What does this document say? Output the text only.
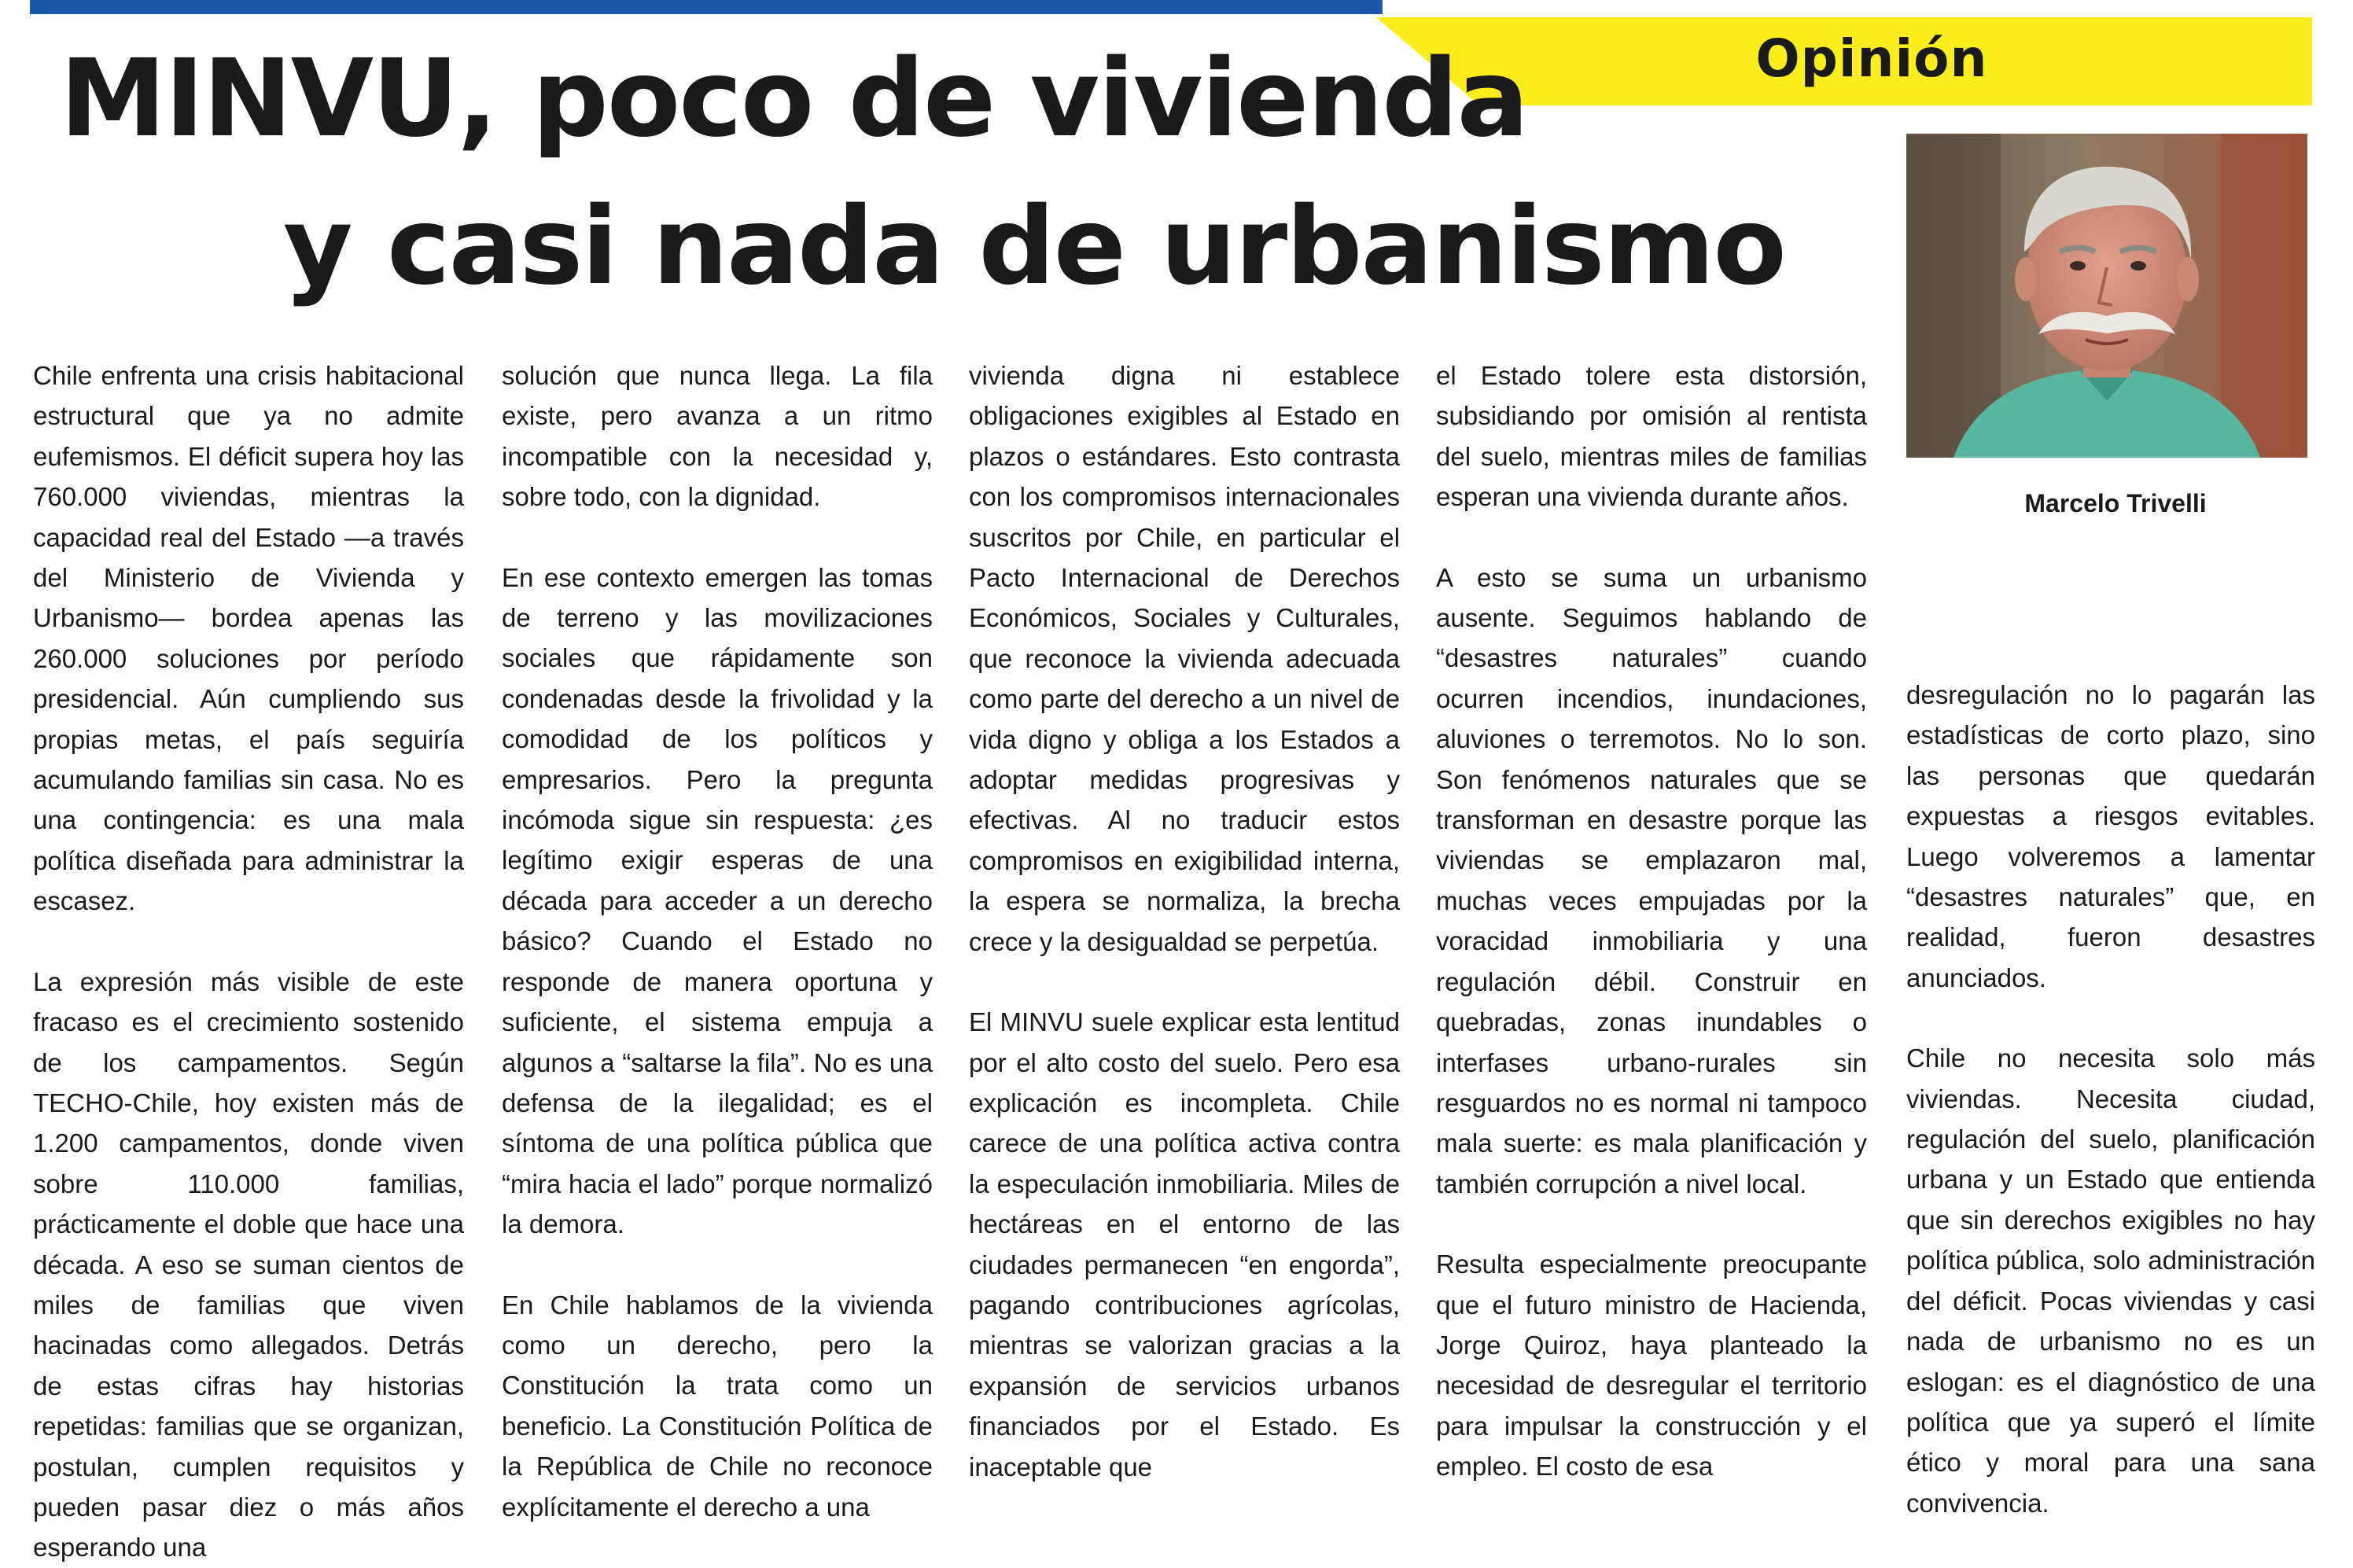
Opinión
MINVU, poco de vivienda
y casi nada de urbanismo
Marcelo Trivelli

Chile enfrenta una crisis habitacional estructural que ya no admite eufemismos. El déficit supera hoy las 760.000 viviendas, mientras la capacidad real del Estado —a través del Ministerio de Vivienda y Urbanismo— bordea apenas las 260.000 soluciones por período presidencial. Aún cumpliendo sus propias metas, el país seguiría acumulando familias sin casa. No es una contingencia: es una mala política diseñada para administrar la escasez.

La expresión más visible de este fracaso es el crecimiento sostenido de los campamentos. Según TECHO-Chile, hoy existen más de 1.200 campamentos, donde viven sobre 110.000 familias, prácticamente el doble que hace una década. A eso se suman cientos de miles de familias que viven hacinadas como allegados. Detrás de estas cifras hay historias repetidas: familias que se organizan, postulan, cumplen requisitos y pueden pasar diez o más años esperando una

solución que nunca llega. La fila existe, pero avanza a un ritmo incompatible con la necesidad y, sobre todo, con la dignidad.

En ese contexto emergen las tomas de terreno y las movilizaciones sociales que rápidamente son condenadas desde la frivolidad y la comodidad de los políticos y empresarios. Pero la pregunta incómoda sigue sin respuesta: ¿es legítimo exigir esperas de una década para acceder a un derecho básico? Cuando el Estado no responde de manera oportuna y suficiente, el sistema empuja a algunos a “saltarse la fila”. No es una defensa de la ilegalidad; es el síntoma de una política pública que “mira hacia el lado” porque normalizó la demora.

En Chile hablamos de la vivienda como un derecho, pero la Constitución la trata como un beneficio. La Constitución Política de la República de Chile no reconoce explícitamente el derecho a una

vivienda digna ni establece obligaciones exigibles al Estado en plazos o estándares. Esto contrasta con los compromisos internacionales suscritos por Chile, en particular el Pacto Internacional de Derechos Económicos, Sociales y Culturales, que reconoce la vivienda adecuada como parte del derecho a un nivel de vida digno y obliga a los Estados a adoptar medidas progresivas y efectivas. Al no traducir estos compromisos en exigibilidad interna, la espera se normaliza, la brecha crece y la desigualdad se perpetúa.

El MINVU suele explicar esta lentitud por el alto costo del suelo. Pero esa explicación es incompleta. Chile carece de una política activa contra la especulación inmobiliaria. Miles de hectáreas en el entorno de las ciudades permanecen “en engorda”, pagando contribuciones agrícolas, mientras se valorizan gracias a la expansión de servicios urbanos financiados por el Estado. Es inaceptable que

el Estado tolere esta distorsión, subsidiando por omisión al rentista del suelo, mientras miles de familias esperan una vivienda durante años.

A esto se suma un urbanismo ausente. Seguimos hablando de “desastres naturales” cuando ocurren incendios, inundaciones, aluviones o terremotos. No lo son. Son fenómenos naturales que se transforman en desastre porque las viviendas se emplazaron mal, muchas veces empujadas por la voracidad inmobiliaria y una regulación débil. Construir en quebradas, zonas inundables o interfases urbano-rurales sin resguardos no es normal ni tampoco mala suerte: es mala planificación y también corrupción a nivel local.

Resulta especialmente preocupante que el futuro ministro de Hacienda, Jorge Quiroz, haya planteado la necesidad de desregular el territorio para impulsar la construcción y el empleo. El costo de esa

desregulación no lo pagarán las estadísticas de corto plazo, sino las personas que quedarán expuestas a riesgos evitables. Luego volveremos a lamentar “desastres naturales” que, en realidad, fueron desastres anunciados.

Chile no necesita solo más viviendas. Necesita ciudad, regulación del suelo, planificación urbana y un Estado que entienda que sin derechos exigibles no hay política pública, solo administración del déficit. Pocas viviendas y casi nada de urbanismo no es un eslogan: es el diagnóstico de una política que ya superó el límite ético y moral para una sana convivencia.
